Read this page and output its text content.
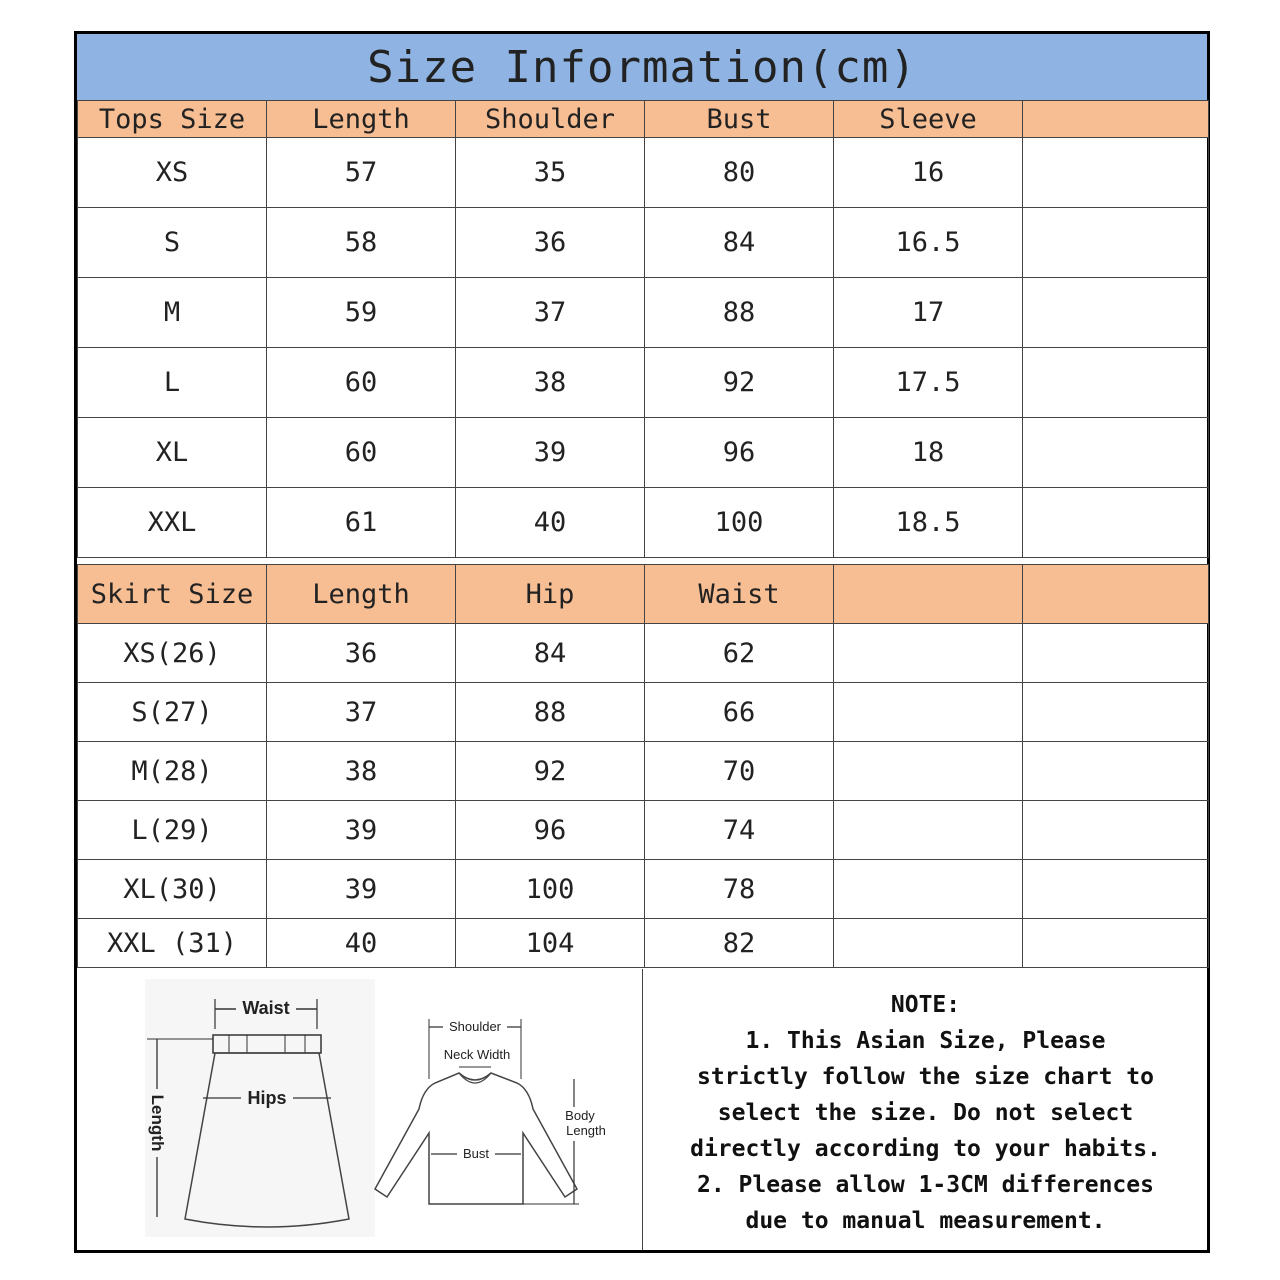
Size Information(cm)
Tops Size	Length	Shoulder	Bust	Sleeve	
XS	57	35	80	16	
S	58	36	84	16.5	
M	59	37	88	17	
L	60	38	92	17.5	
XL	60	39	96	18	
XXL	61	40	100	18.5	
Skirt Size	Length	Hip	Waist		
XS(26)	36	84	62		
S(27)	37	88	66		
M(28)	38	92	70		
L(29)	39	96	74		
XL(30)	39	100	78		
XXL (31)	40	104	82		
Waist
Hips
Length
Shoulder
Neck Width
Bust
Body
Length
NOTE:
1. This Asian Size, Please
strictly follow the size chart to
select the size. Do not select
directly according to your habits.
2. Please allow 1-3CM differences
due to manual measurement.
